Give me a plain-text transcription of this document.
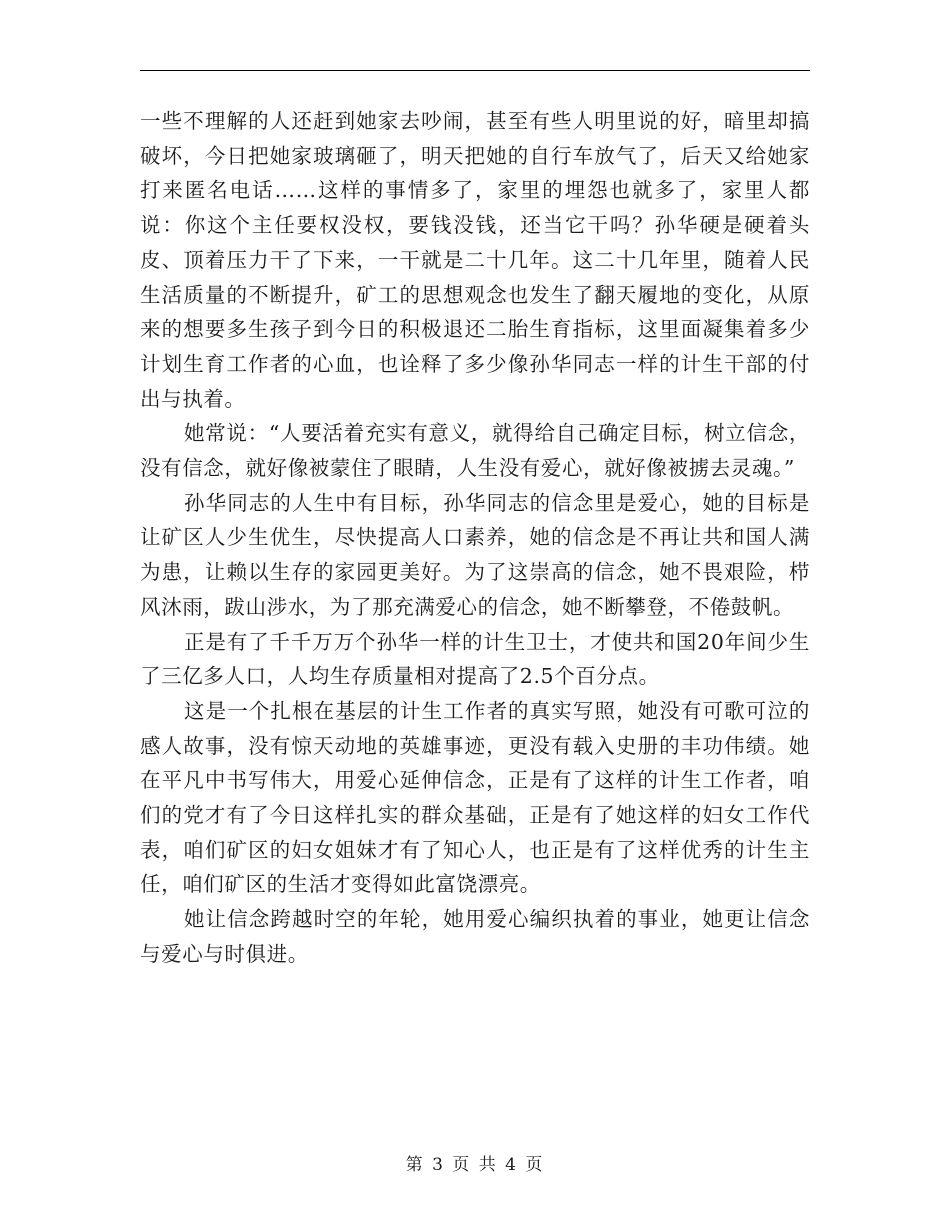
一些不理解的人还赶到她家去吵闹，甚至有些人明里说的好，暗里却搞破坏，今日把她家玻璃砸了，明天把她的自行车放气了，后天又给她家打来匿名电话……这样的事情多了，家里的埋怨也就多了，家里人都说：你这个主任要权没权，要钱没钱，还当它干吗？孙华硬是硬着头皮、顶着压力干了下来，一干就是二十几年。这二十几年里，随着人民生活质量的不断提升，矿工的思想观念也发生了翻天履地的变化，从原来的想要多生孩子到今日的积极退还二胎生育指标，这里面凝集着多少计划生育工作者的心血，也诠释了多少像孙华同志一样的计生干部的付出与执着。

她常说：“人要活着充实有意义，就得给自己确定目标，树立信念，没有信念，就好像被蒙住了眼睛，人生没有爱心，就好像被掳去灵魂。”

孙华同志的人生中有目标，孙华同志的信念里是爱心，她的目标是让矿区人少生优生，尽快提高人口素养，她的信念是不再让共和国人满为患，让赖以生存的家园更美好。为了这崇高的信念，她不畏艰险，栉风沐雨，跋山涉水，为了那充满爱心的信念，她不断攀登，不倦鼓帆。

正是有了千千万万个孙华一样的计生卫士，才使共和国20年间少生了三亿多人口，人均生存质量相对提高了2.5个百分点。

这是一个扎根在基层的计生工作者的真实写照，她没有可歌可泣的感人故事，没有惊天动地的英雄事迹，更没有载入史册的丰功伟绩。她在平凡中书写伟大，用爱心延伸信念，正是有了这样的计生工作者，咱们的党才有了今日这样扎实的群众基础，正是有了她这样的妇女工作代表，咱们矿区的妇女姐妹才有了知心人，也正是有了这样优秀的计生主任，咱们矿区的生活才变得如此富饶漂亮。

她让信念跨越时空的年轮，她用爱心编织执着的事业，她更让信念与爱心与时俱进。

第 3 页 共 4 页
